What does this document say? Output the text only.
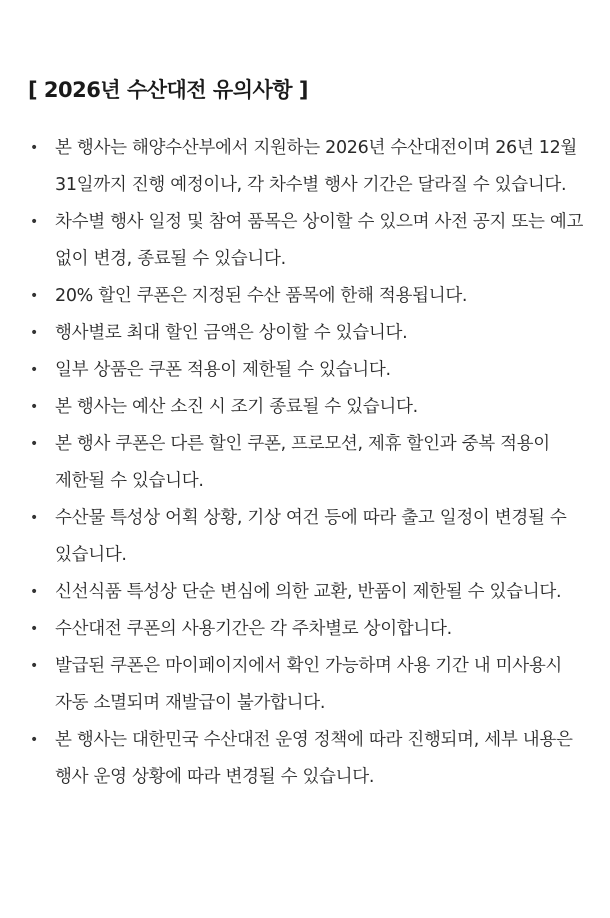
[ 2026년 수산대전 유의사항 ]
• 본 행사는 해양수산부에서 지원하는 2026년 수산대전이며 26년 12월 31일까지 진행 예정이나, 각 차수별 행사 기간은 달라질 수 있습니다.
• 차수별 행사 일정 및 참여 품목은 상이할 수 있으며 사전 공지 또는 예고 없이 변경, 종료될 수 있습니다.
• 20% 할인 쿠폰은 지정된 수산 품목에 한해 적용됩니다.
• 행사별로 최대 할인 금액은 상이할 수 있습니다.
• 일부 상품은 쿠폰 적용이 제한될 수 있습니다.
• 본 행사는 예산 소진 시 조기 종료될 수 있습니다.
• 본 행사 쿠폰은 다른 할인 쿠폰, 프로모션, 제휴 할인과 중복 적용이 제한될 수 있습니다.
• 수산물 특성상 어획 상황, 기상 여건 등에 따라 출고 일정이 변경될 수 있습니다.
• 신선식품 특성상 단순 변심에 의한 교환, 반품이 제한될 수 있습니다.
• 수산대전 쿠폰의 사용기간은 각 주차별로 상이합니다.
• 발급된 쿠폰은 마이페이지에서 확인 가능하며 사용 기간 내 미사용시 자동 소멸되며 재발급이 불가합니다.
• 본 행사는 대한민국 수산대전 운영 정책에 따라 진행되며, 세부 내용은 행사 운영 상황에 따라 변경될 수 있습니다.
